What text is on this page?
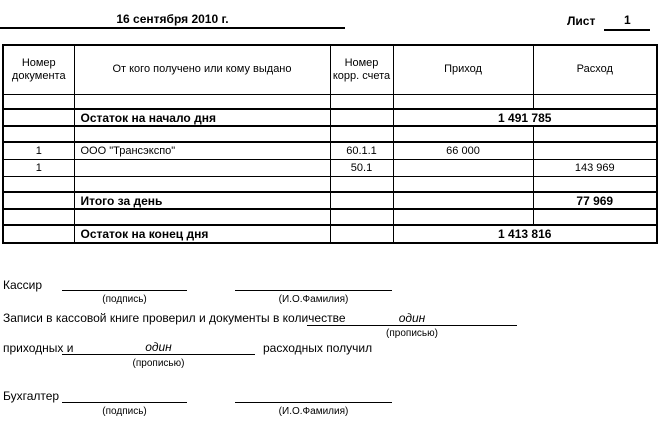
16 сентября 2010 г.	Лист	1
Номер документа	От кого получено или кому выдано	Номер корр. счета	Приход	Расход

	Остаток на начало дня		1 491 785	

1	ООО "Трансэкспо"	60.1.1	66 000	
1		50.1		143 969

	Итого за день			77 969

	Остаток на конец дня		1 413 816	
Кассир
(подпись)	(И.О.Фамилия)
Записи в кассовой книге проверил и документы в количестве	один
(прописью)
приходных и	один	расходных получил
(прописью)
Бухгалтер
(подпись)	(И.О.Фамилия)
